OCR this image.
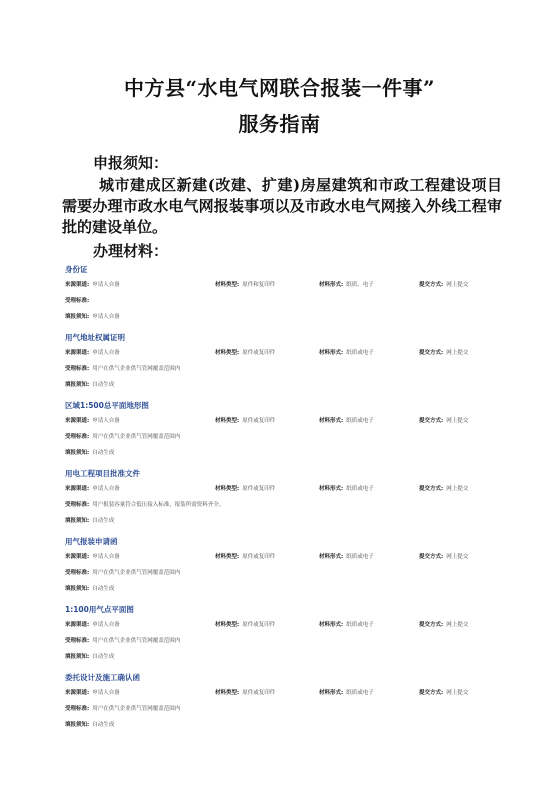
中方县“水电气网联合报装一件事”
服务指南
申报须知：
城市建成区新建(改建、扩建)房屋建筑和市政工程建设项目需要办理市政水电气网报装事项以及市政水电气网接入外线工程审批的建设单位。
办理材料：
身份证
来源渠道: 申请人自备	材料类型: 原件和复印件	材料形式: 纸质、电子	提交方式: 网上提交
受理标准:
填报须知: 申请人自备
用气地址权属证明
来源渠道: 申请人自备	材料类型: 原件或复印件	材料形式: 纸质或电子	提交方式: 网上提交
受理标准: 用户在供气企业供气管网覆盖范围内
填报须知: 自动生成
区域1:500总平面地形图
来源渠道: 申请人自备	材料类型: 原件或复印件	材料形式: 纸质或电子	提交方式: 网上提交
受理标准: 用户在供气企业供气管网覆盖范围内
填报须知: 自动生成
用电工程项目批准文件
来源渠道: 申请人自备	材料类型: 原件或复印件	材料形式: 纸质或电子	提交方式: 网上提交
受理标准: 用户报装容量符合低压接入标准，报装所需资料齐全。
填报须知: 自动生成
用气报装申请函
来源渠道: 申请人自备	材料类型: 原件或复印件	材料形式: 纸质或电子	提交方式: 网上提交
受理标准: 用户在供气企业供气管网覆盖范围内
填报须知: 自动生成
1:100用气点平面图
来源渠道: 申请人自备	材料类型: 原件或复印件	材料形式: 纸质或电子	提交方式: 网上提交
受理标准: 用户在供气企业供气管网覆盖范围内
填报须知: 自动生成
委托设计及施工确认函
来源渠道: 申请人自备	材料类型: 原件或复印件	材料形式: 纸质或电子	提交方式: 网上提交
受理标准: 用户在供气企业供气管网覆盖范围内
填报须知: 自动生成
